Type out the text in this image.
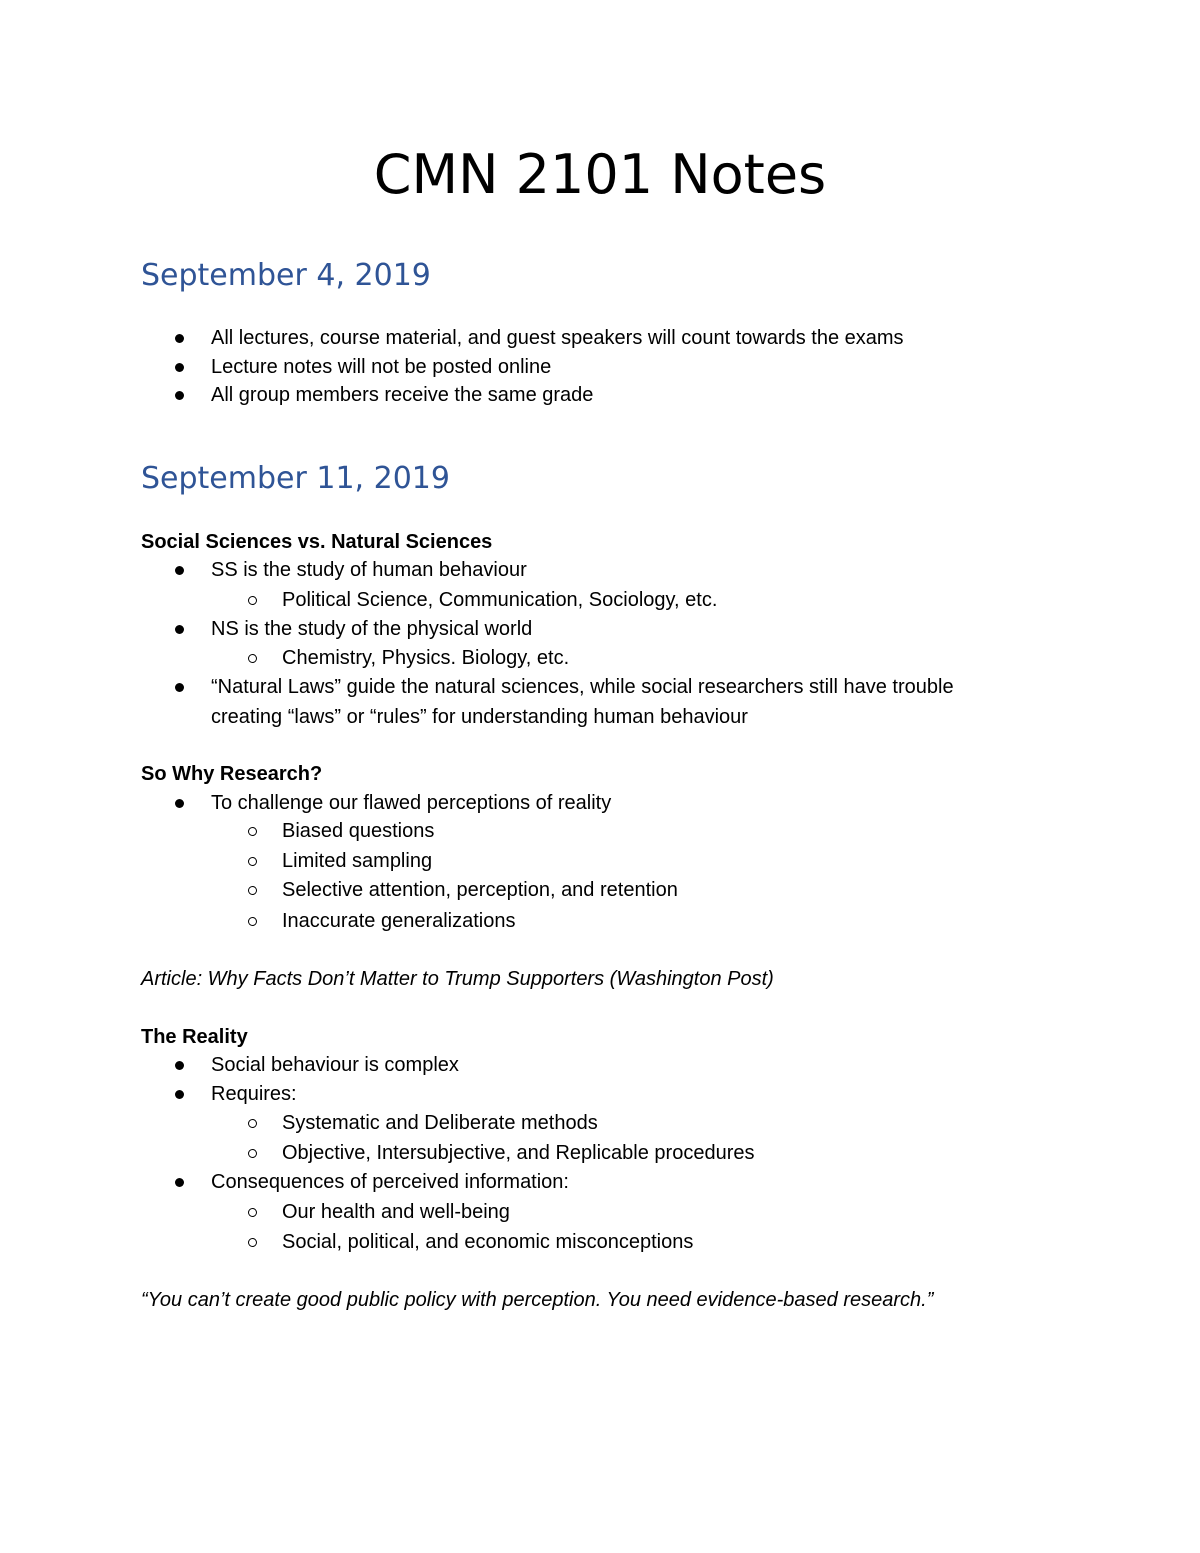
CMN 2101 Notes
September 4, 2019

All lectures, course material, and guest speakers will count towards the exams

Lecture notes will not be posted online

All group members receive the same grade

September 11, 2019

Social Sciences vs. Natural Sciences

SS is the study of human behaviour

Political Science, Communication, Sociology, etc.

NS is the study of the physical world

Chemistry, Physics. Biology, etc.

“Natural Laws” guide the natural sciences, while social researchers still have trouble

creating “laws” or “rules” for understanding human behaviour

So Why Research?

To challenge our flawed perceptions of reality

Biased questions

Limited sampling

Selective attention, perception, and retention

Inaccurate generalizations

Article: Why Facts Don’t Matter to Trump Supporters (Washington Post)

The Reality

Social behaviour is complex

Requires:

Systematic and Deliberate methods

Objective, Intersubjective, and Replicable procedures

Consequences of perceived information:

Our health and well-being

Social, political, and economic misconceptions

“You can’t create good public policy with perception. You need evidence-based research.”
